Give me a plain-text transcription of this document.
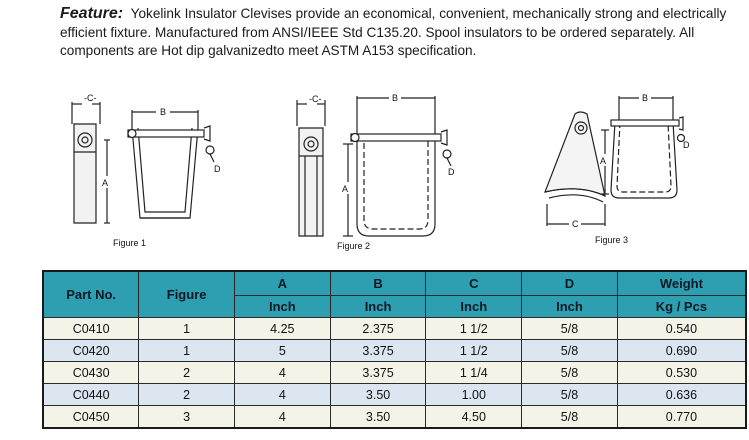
Feature: Yokelink Insulator Clevises provide an economical, convenient, mechanically strong and electrically efficient fixture. Manufactured from ANSI/IEEE Std C135.20. Spool insulators to be ordered separately. All components are Hot dip galvanizedto meet ASTM A153 specification.
-C-
A
B
D
Figure 1
-C-
A
B
D
Figure 2
A
B
C
D
Figure 3
Part No.	Figure	A	B	C	D	Weight
		Inch	Inch	Inch	Inch	Kg / Pcs
C0410	1	4.25	2.375	1 1/2	5/8	0.540
C0420	1	5	3.375	1 1/2	5/8	0.690
C0430	2	4	3.375	1 1/4	5/8	0.530
C0440	2	4	3.50	1.00	5/8	0.636
C0450	3	4	3.50	4.50	5/8	0.770
